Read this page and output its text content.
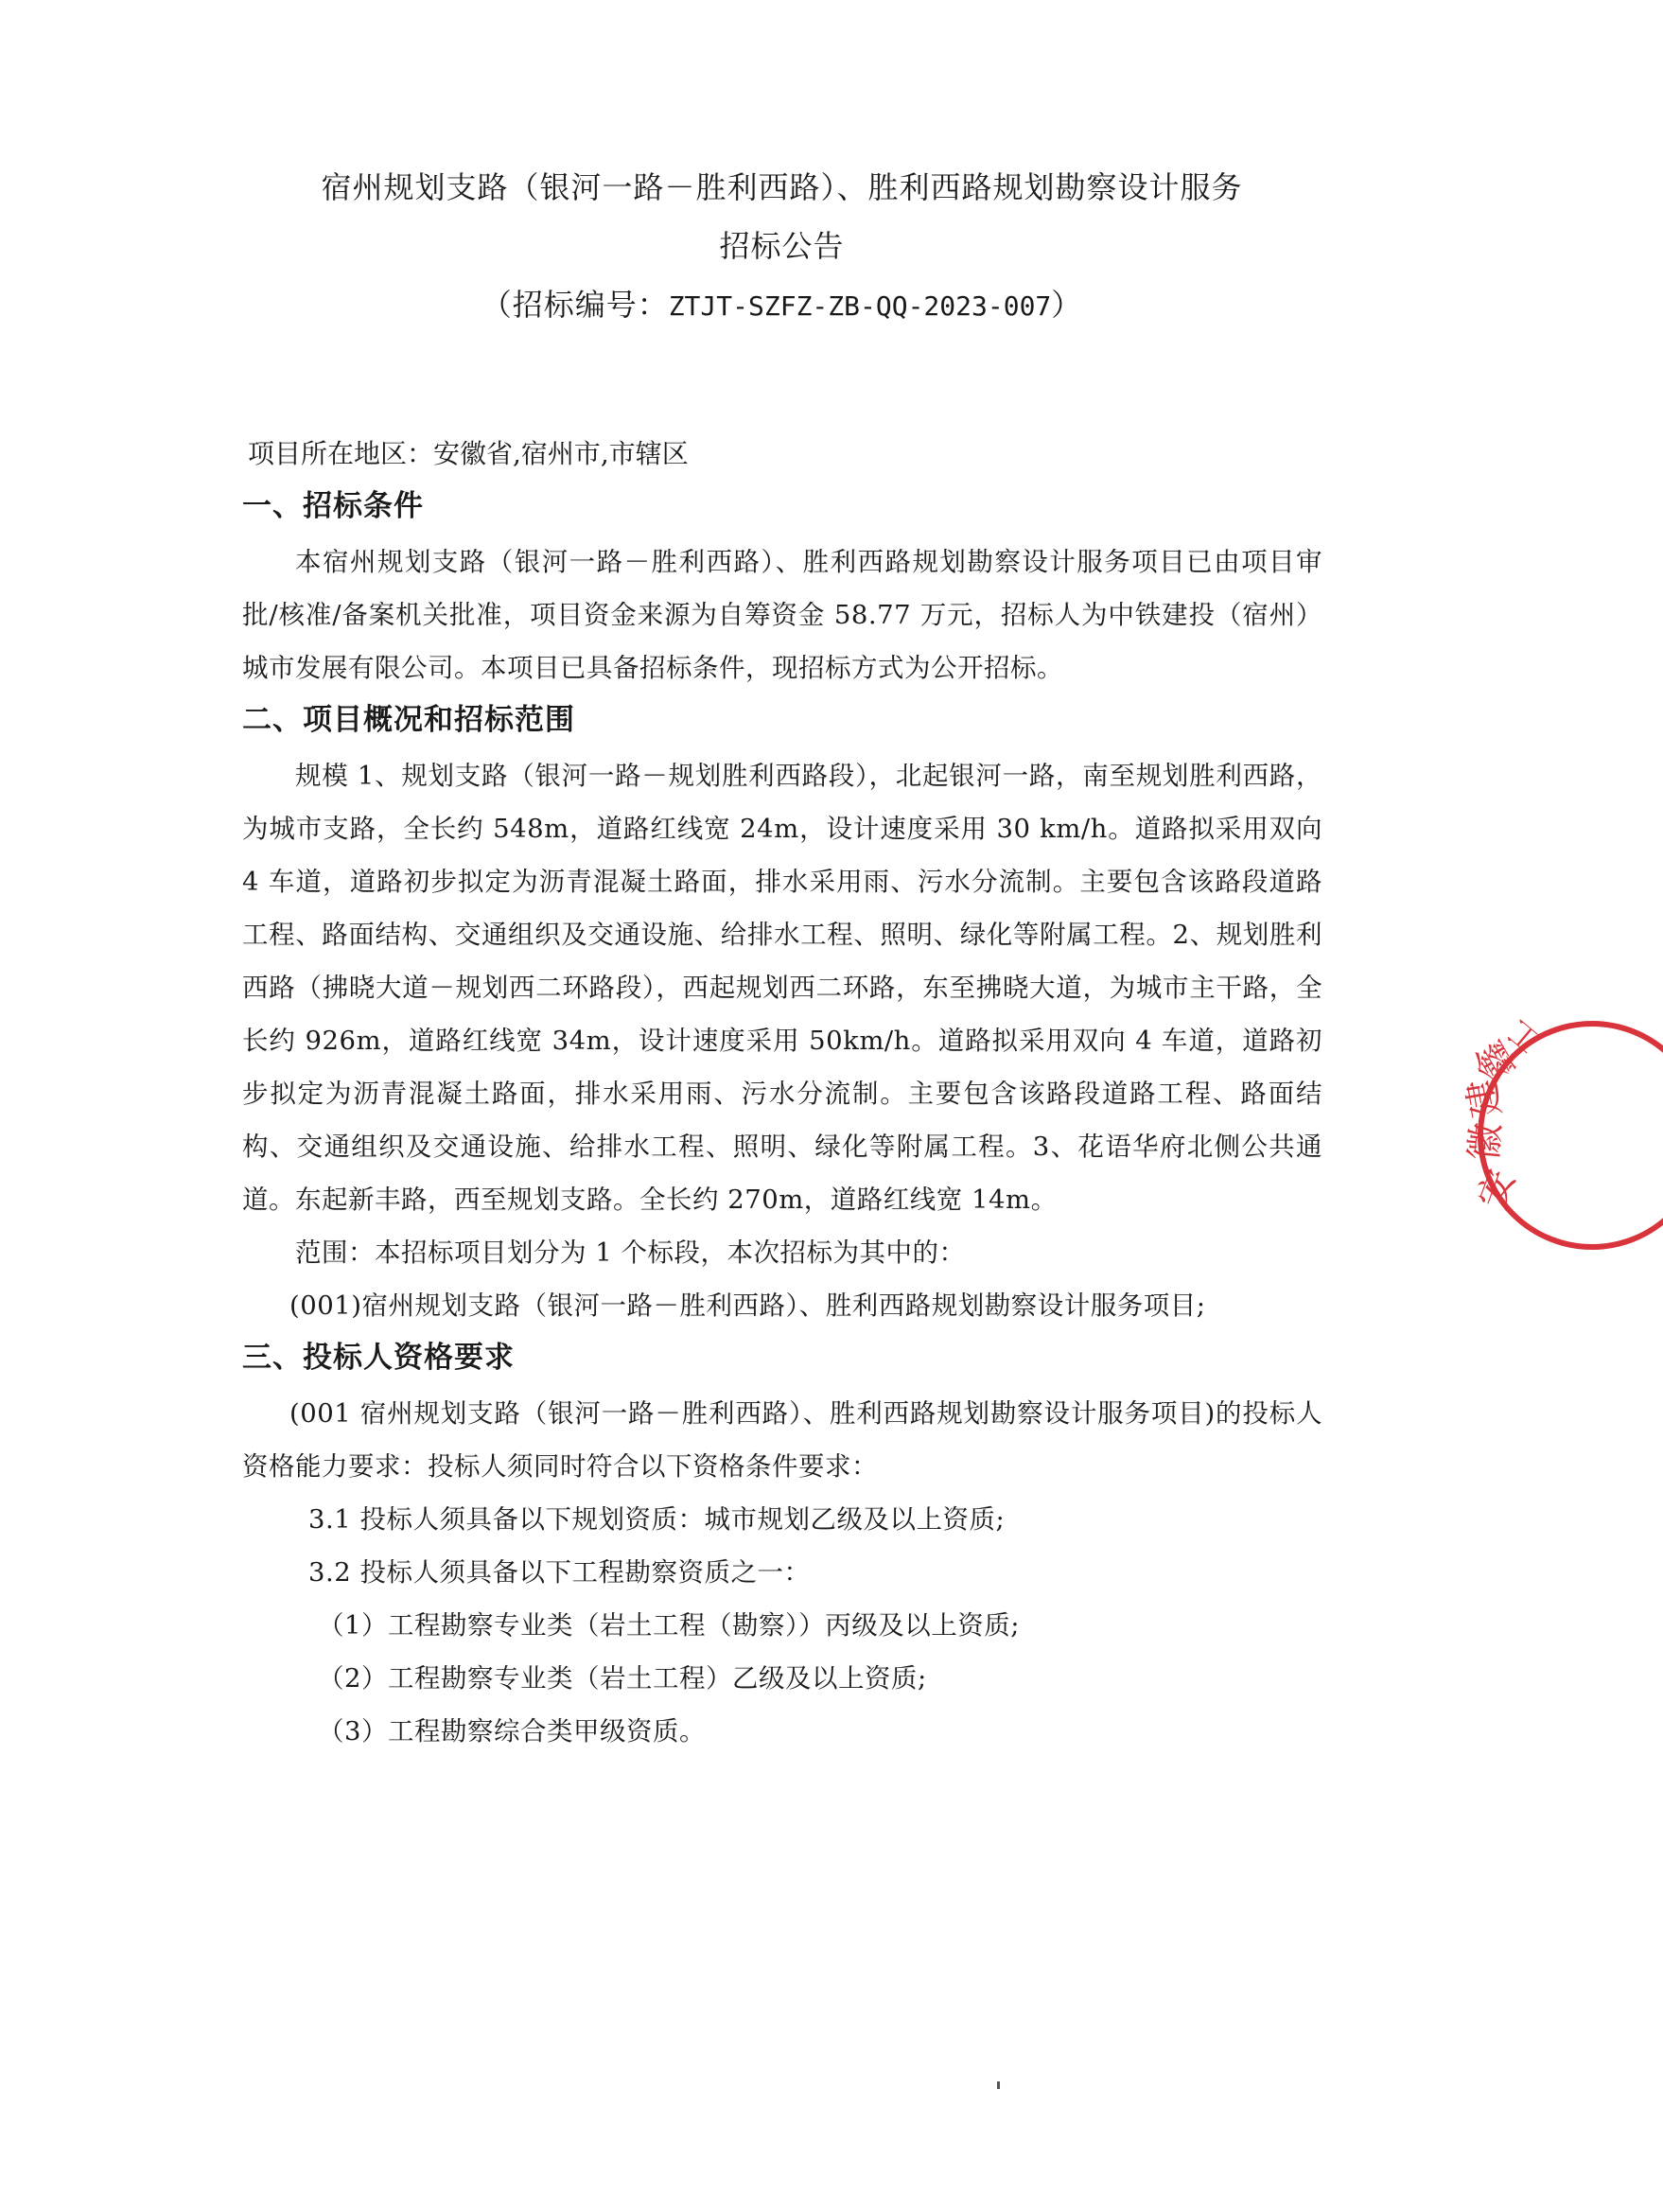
宿州规划支路（银河一路－胜利西路）、胜利西路规划勘察设计服务

招标公告

（招标编号：ZTJT-SZFZ-ZB-QQ-2023-007）

项目所在地区：安徽省,宿州市,市辖区

一、招标条件

本宿州规划支路（银河一路－胜利西路）、胜利西路规划勘察设计服务项目已由项目审批/核准/备案机关批准，项目资金来源为自筹资金 58.77 万元，招标人为中铁建投（宿州）城市发展有限公司。本项目已具备招标条件，现招标方式为公开招标。

二、项目概况和招标范围

规模 1、规划支路（银河一路－规划胜利西路段），北起银河一路，南至规划胜利西路，为城市支路，全长约 548m，道路红线宽 24m，设计速度采用 30 km/h。道路拟采用双向 4 车道，道路初步拟定为沥青混凝土路面，排水采用雨、污水分流制。主要包含该路段道路工程、路面结构、交通组织及交通设施、给排水工程、照明、绿化等附属工程。2、规划胜利西路（拂晓大道－规划西二环路段），西起规划西二环路，东至拂晓大道，为城市主干路，全长约 926m，道路红线宽 34m，设计速度采用 50km/h。道路拟采用双向 4 车道，道路初步拟定为沥青混凝土路面，排水采用雨、污水分流制。主要包含该路段道路工程、路面结构、交通组织及交通设施、给排水工程、照明、绿化等附属工程。3、花语华府北侧公共通道。东起新丰路，西至规划支路。全长约 270m，道路红线宽 14m。

范围：本招标项目划分为 1 个标段，本次招标为其中的：

(001)宿州规划支路（银河一路－胜利西路）、胜利西路规划勘察设计服务项目;

三、投标人资格要求

(001 宿州规划支路（银河一路－胜利西路）、胜利西路规划勘察设计服务项目)的投标人资格能力要求：投标人须同时符合以下资格条件要求：

3.1 投标人须具备以下规划资质：城市规划乙级及以上资质;

3.2 投标人须具备以下工程勘察资质之一：

（1）工程勘察专业类（岩土工程（勘察））丙级及以上资质;

（2）工程勘察专业类（岩土工程）乙级及以上资质;

（3）工程勘察综合类甲级资质。

安
徽
建
鑫
工
